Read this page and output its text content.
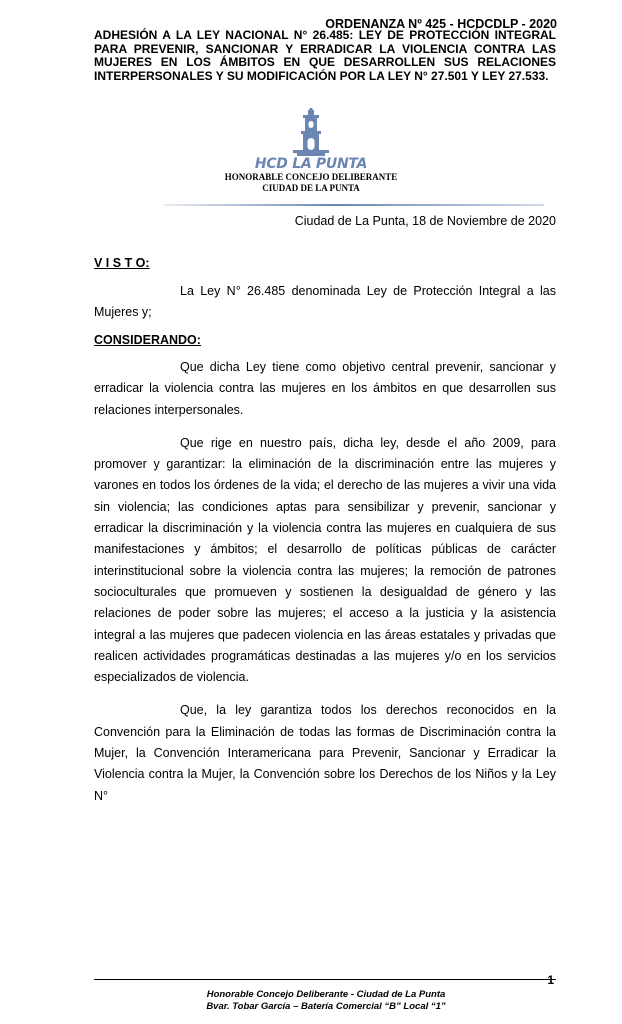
ORDENANZA Nº 425 - HCDCDLP - 2020
ADHESIÓN A LA LEY NACIONAL N° 26.485: LEY DE PROTECCIÓN INTEGRAL PARA PREVENIR, SANCIONAR Y ERRADICAR LA VIOLENCIA CONTRA LAS MUJERES EN LOS ÁMBITOS EN QUE DESARROLLEN SUS RELACIONES INTERPERSONALES Y SU MODIFICACIÓN POR LA LEY N° 27.501 Y LEY 27.533.
HCD LA PUNTA
HONORABLE CONCEJO DELIBERANTE
CIUDAD DE LA PUNTA
Ciudad de La Punta, 18 de Noviembre de 2020
V I S T O:

La Ley N° 26.485 denominada Ley de Protección Integral a las Mujeres y;

CONSIDERANDO:

Que dicha Ley tiene como objetivo central prevenir, sancionar y erradicar la violencia contra las mujeres en los ámbitos en que desarrollen sus relaciones interpersonales.

Que rige en nuestro país, dicha ley, desde el año 2009, para promover y garantizar: la eliminación de la discriminación entre las mujeres y varones en todos los órdenes de la vida; el derecho de las mujeres a vivir una vida sin violencia; las condiciones aptas para sensibilizar y prevenir, sancionar y erradicar la discriminación y la violencia contra las mujeres en cualquiera de sus manifestaciones y ámbitos; el desarrollo de políticas públicas de carácter interinstitucional sobre la violencia contra las mujeres; la remoción de patrones socioculturales que promueven y sostienen la desigualdad de género y las relaciones de poder sobre las mujeres; el acceso a la justicia y la asistencia integral a las mujeres que padecen violencia en las áreas estatales y privadas que realicen actividades programáticas destinadas a las mujeres y/o en los servicios especializados de violencia.

Que, la ley garantiza todos los derechos reconocidos en la Convención para la Eliminación de todas las formas de Discriminación contra la Mujer, la Convención Interamericana para Prevenir, Sancionar y Erradicar la Violencia contra la Mujer, la Convención sobre los Derechos de los Niños y la Ley N°

1
Honorable Concejo Deliberante - Ciudad de La Punta
Bvar. Tobar García – Batería Comercial “B” Local “1”
